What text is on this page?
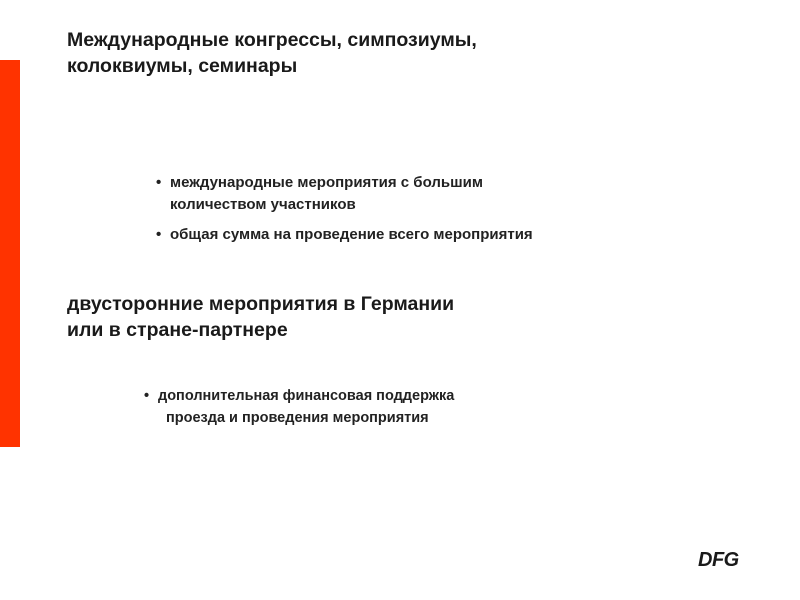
Международные конгрессы, симпозиумы,
колоквиумы, семинары
• международные мероприятия с большим
количеством участников
• общая сумма на проведение всего мероприятия
двусторонние мероприятия в Германии
или в стране-партнере
• дополнительная финансовая поддержка
проезда и проведения мероприятия
DFG
